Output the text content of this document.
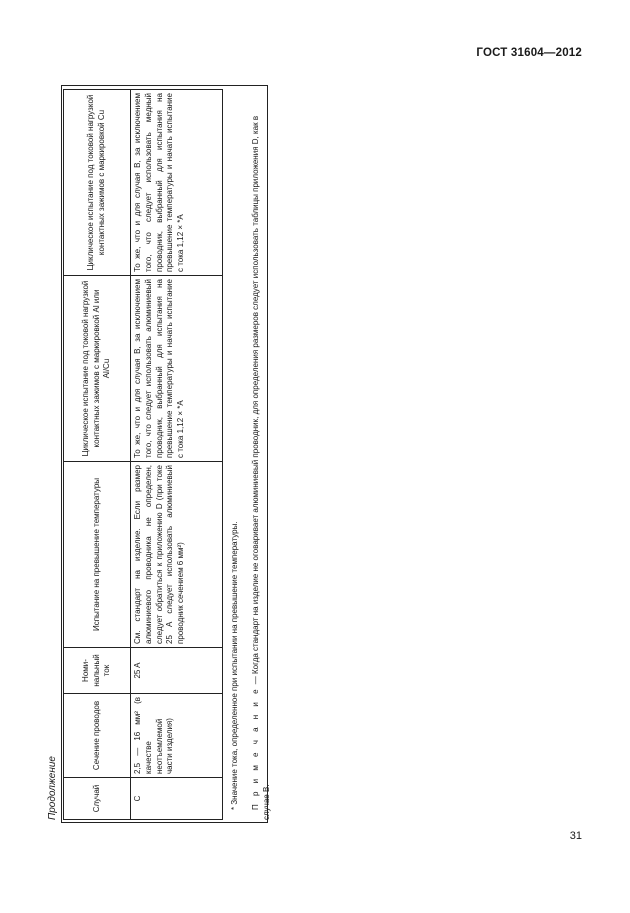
ГОСТ 31604—2012
Продолжение	Случай	Сечение проводов	Номи-нальный ток	Испытание на превышение температуры	Циклическое испытание под токовой нагрузкой контактных зажимов с маркировкой Al или Al/Cu	Циклическое испытание под токовой нагрузкой контактных зажимов с маркировкой Cu
C	2,5 — 16 мм² (в качестве неотъемлемой части изделия)	25 A	См. стандарт на изделие. Если размер алюминиевого проводника не определен, следует обратиться к приложению D (при токе 25 А следует использовать алюминиевый проводник сечением 6 мм²)	То же, что и для случая B, за исключением того, что следует использовать алюминиевый проводник, выбранный для испытания на превышение температуры и начать испытание с тока 1,12 × *A	То же, что и для случая B, за исключением того, что следует использовать медный проводник, выбранный для испытания на превышение температуры и начать испытание с тока 1,12 × *A
* Значение тока, определенное при испытании на превышение температуры. П р и м е ч а н и е — Когда стандарт на изделие не оговаривает алюминиевый проводник, для определения размеров следует использовать таблицы приложения D, как в случае B.
31
